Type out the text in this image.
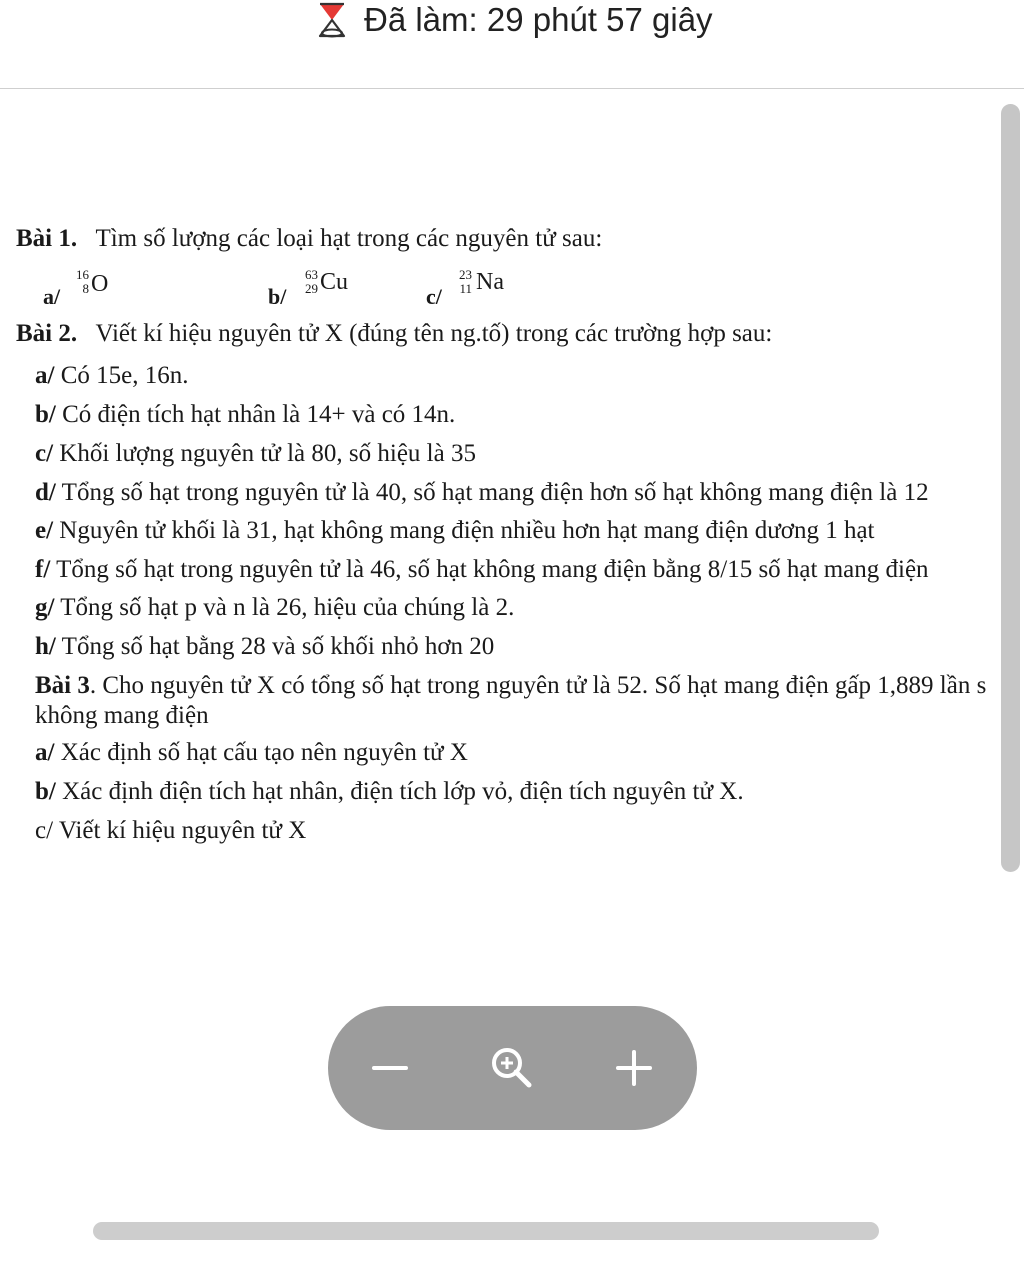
Đã làm: 29 phút 57 giây
Bài 1. Tìm số lượng các loại hạt trong các nguyên tử sau:
a/
16
8 O	b/
63
29 Cu
c/
23
11 Na
Bài 2. Viết kí hiệu nguyên tử X (đúng tên ng.tố) trong các trường hợp sau:
a/ Có 15e, 16n.
b/ Có điện tích hạt nhân là 14+ và có 14n.
c/ Khối lượng nguyên tử là 80, số hiệu là 35
d/ Tổng số hạt trong nguyên tử là 40, số hạt mang điện hơn số hạt không mang điện là 12
e/ Nguyên tử khối là 31, hạt không mang điện nhiều hơn hạt mang điện dương 1 hạt
f/ Tổng số hạt trong nguyên tử là 46, số hạt không mang điện bằng 8/15 số hạt mang điện
g/ Tổng số hạt p và n là 26, hiệu của chúng là 2.
h/ Tổng số hạt bằng 28 và số khối nhỏ hơn 20
Bài 3. Cho nguyên tử X có tổng số hạt trong nguyên tử là 52. Số hạt mang điện gấp 1,889 lần s
không mang điện
a/ Xác định số hạt cấu tạo nên nguyên tử X
b/ Xác định điện tích hạt nhân, điện tích lớp vỏ, điện tích nguyên tử X.
c/ Viết kí hiệu nguyên tử X
